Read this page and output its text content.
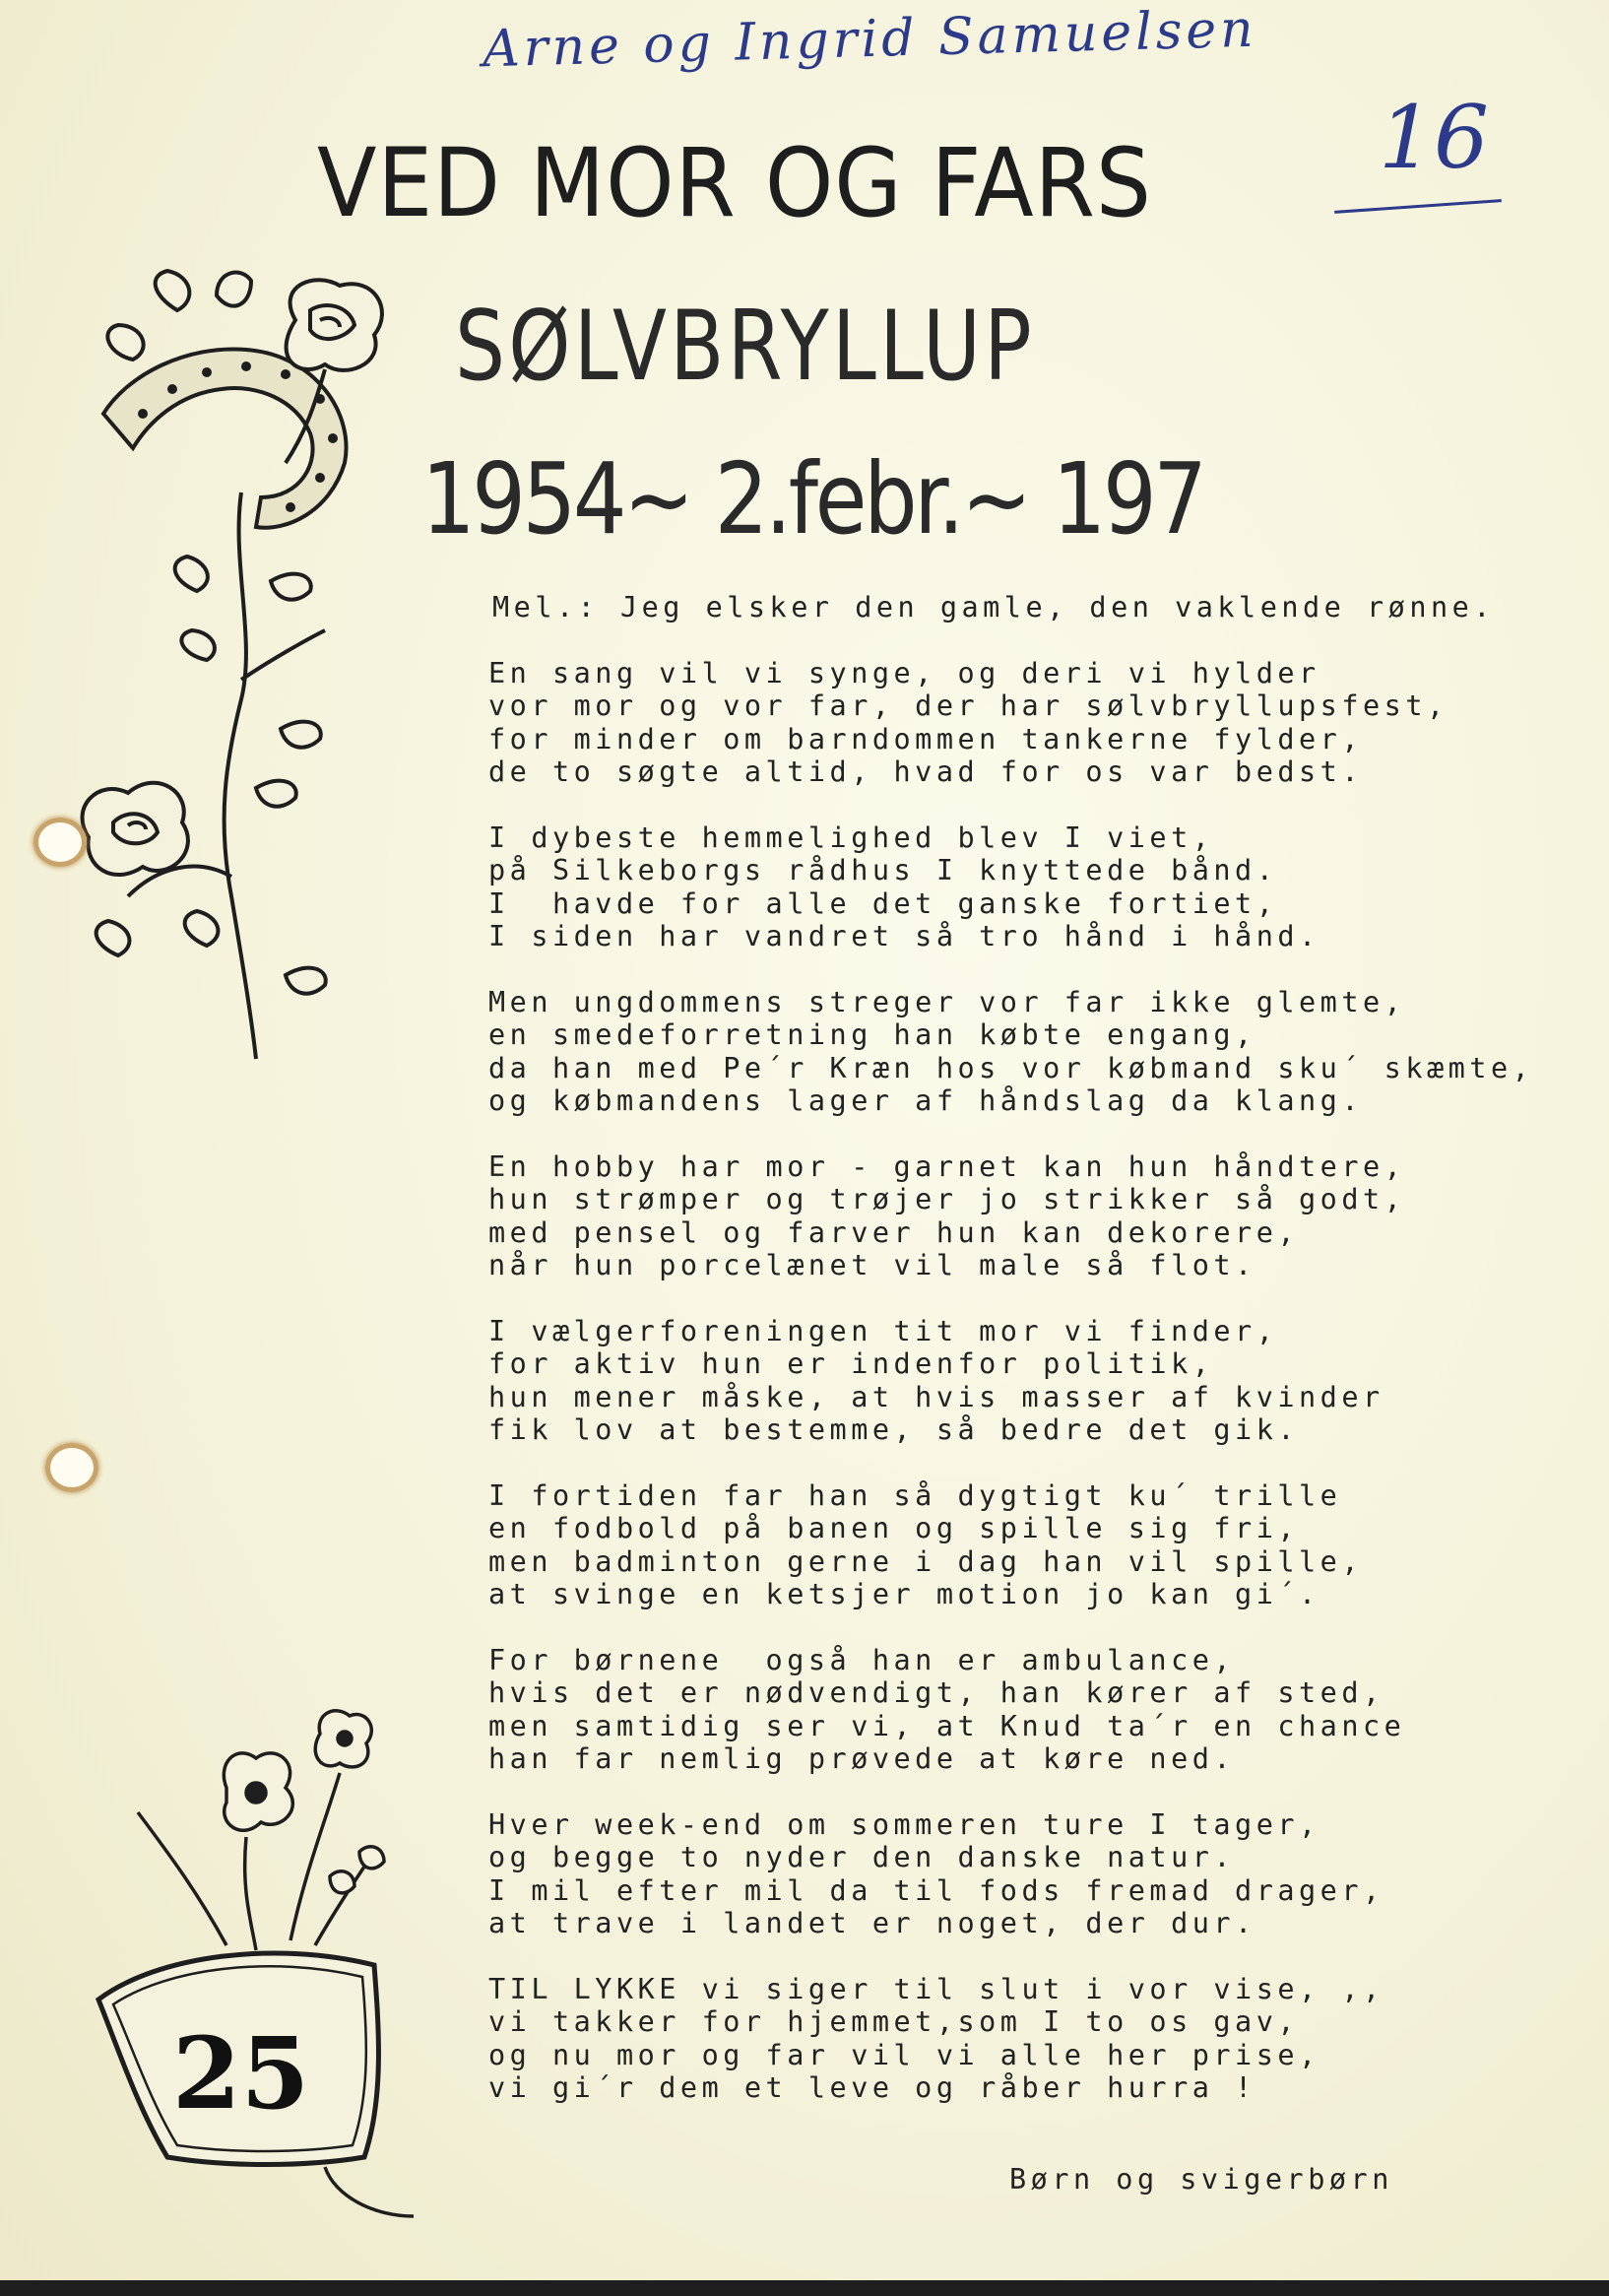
Arne og Ingrid Samuelsen
16
VED MOR OG FARS
SØLVBRYLLUP
1954~ 2.febr.~ 197
25
Mel.: Jeg elsker den gamle, den vaklende rønne.
En sang vil vi synge, og deri vi hylder
vor mor og vor far, der har sølvbryllupsfest,
for minder om barndommen tankerne fylder,
de to søgte altid, hvad for os var bedst.
I dybeste hemmelighed blev I viet,
på Silkeborgs rådhus I knyttede bånd.
I  havde for alle det ganske fortiet,
I siden har vandret så tro hånd i hånd.
Men ungdommens streger vor far ikke glemte,
en smedeforretning han købte engang,
da han med Pe´r Kræn hos vor købmand sku´ skæmte,
og købmandens lager af håndslag da klang.
En hobby har mor - garnet kan hun håndtere,
hun strømper og trøjer jo strikker så godt,
med pensel og farver hun kan dekorere,
når hun porcelænet vil male så flot.
I vælgerforeningen tit mor vi finder,
for aktiv hun er indenfor politik,
hun mener måske, at hvis masser af kvinder
fik lov at bestemme, så bedre det gik.
I fortiden far han så dygtigt ku´ trille
en fodbold på banen og spille sig fri,
men badminton gerne i dag han vil spille,
at svinge en ketsjer motion jo kan gi´.
For børnene  også han er ambulance,
hvis det er nødvendigt, han kører af sted,
men samtidig ser vi, at Knud ta´r en chance
han far nemlig prøvede at køre ned.
Hver week-end om sommeren ture I tager,
og begge to nyder den danske natur.
I mil efter mil da til fods fremad drager,
at trave i landet er noget, der dur.
TIL LYKKE vi siger til slut i vor vise, ,,
vi takker for hjemmet,som I to os gav,
og nu mor og far vil vi alle her prise,
vi gi´r dem et leve og råber hurra !
Børn og svigerbørn
